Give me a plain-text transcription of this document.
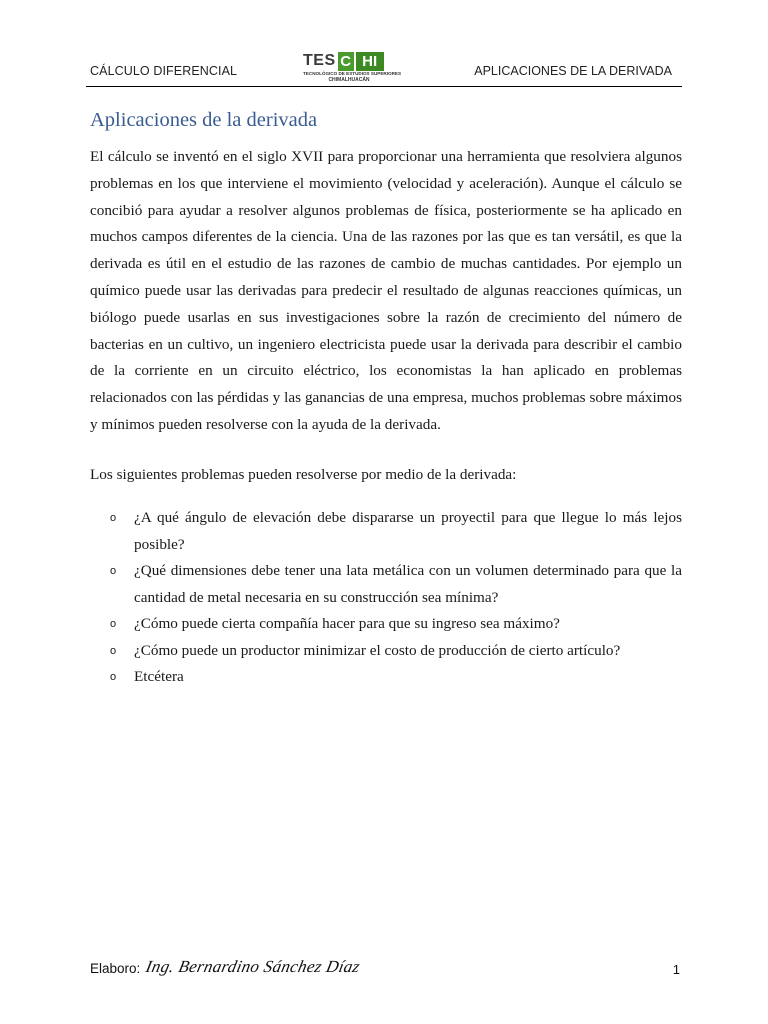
CÁLCULO DIFERENCIAL
TES C HI
TECNOLÓGICO DE ESTUDIOS SUPERIORES
CHIMALHUACÁN
APLICACIONES DE LA DERIVADA
Aplicaciones de la derivada

El cálculo se inventó en el siglo XVII para proporcionar una herramienta que resolviera algunos problemas en los que interviene el movimiento (velocidad y aceleración). Aunque el cálculo se concibió para ayudar a resolver algunos problemas de física, posteriormente se ha aplicado en muchos campos diferentes de la ciencia. Una de las razones por las que es tan versátil, es que la derivada es útil en el estudio de las razones de cambio de muchas cantidades. Por ejemplo un químico puede usar las derivadas para predecir el resultado de algunas reacciones químicas, un biólogo puede usarlas en sus investigaciones sobre la razón de crecimiento del número de bacterias en un cultivo, un ingeniero electricista puede usar la derivada para describir el cambio de la corriente en un circuito eléctrico, los economistas la han aplicado en problemas relacionados con las pérdidas y las ganancias de una empresa, muchos problemas sobre máximos y mínimos pueden resolverse con la ayuda de la derivada.

Los siguientes problemas pueden resolverse por medio de la derivada:

o ¿A qué ángulo de elevación debe dispararse un proyectil para que llegue lo más lejos posible?
o ¿Qué dimensiones debe tener una lata metálica con un volumen determinado para que la cantidad de metal necesaria en su construcción sea mínima?
o ¿Cómo puede cierta compañía hacer para que su ingreso sea máximo?
o ¿Cómo puede un productor minimizar el costo de producción de cierto artículo?
o Etcétera
Elaboro: Ing. Bernardino Sánchez Díaz	1
